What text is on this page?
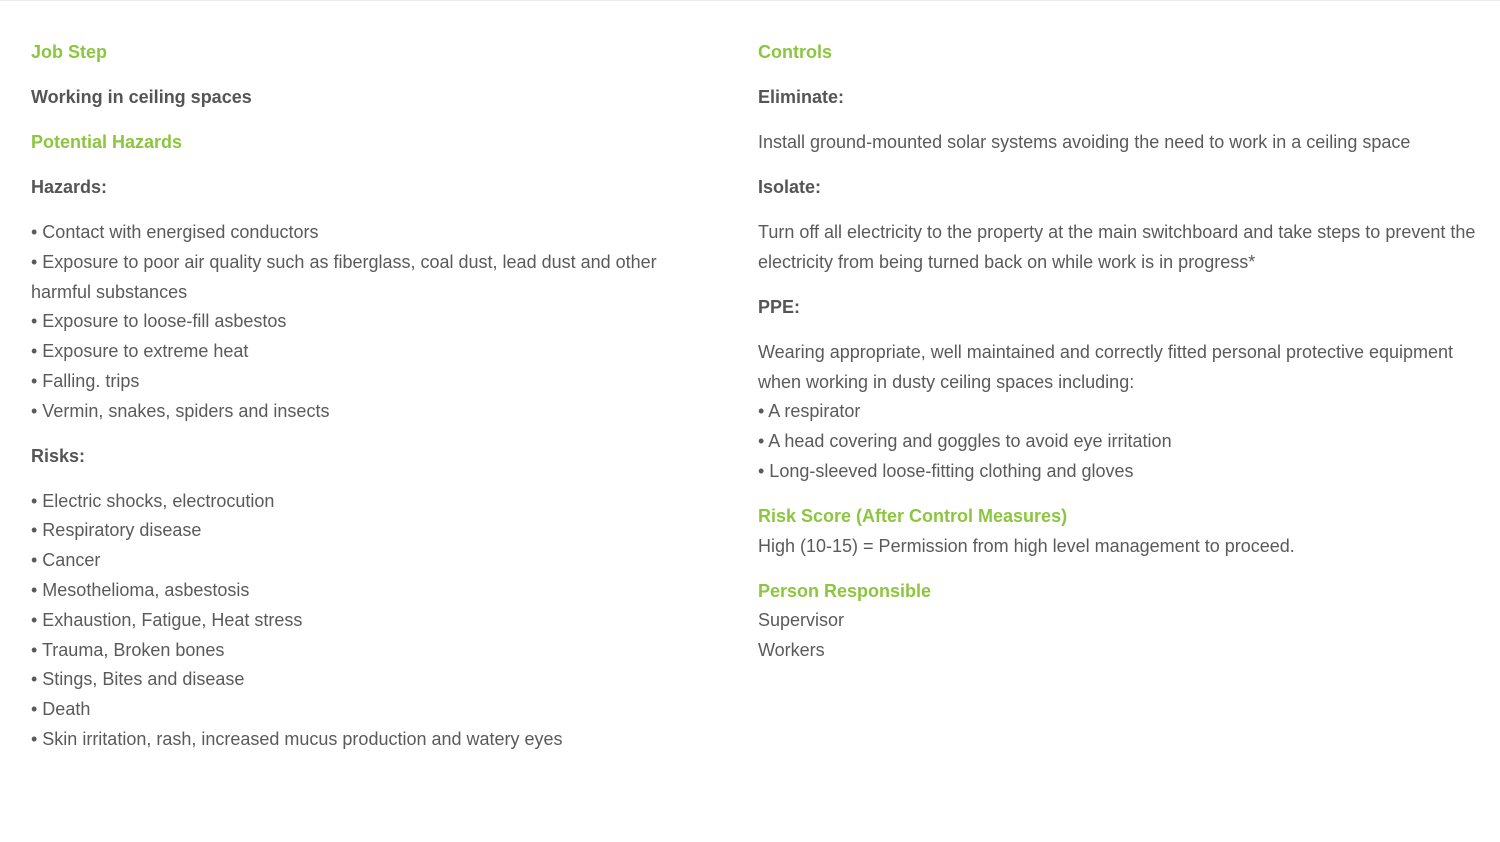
Job Step
Working in ceiling spaces
Potential Hazards
Hazards:
• Contact with energised conductors
• Exposure to poor air quality such as fiberglass, coal dust, lead dust and other harmful substances
• Exposure to loose-fill asbestos
• Exposure to extreme heat
• Falling. trips
• Vermin, snakes, spiders and insects
Risks:
• Electric shocks, electrocution
• Respiratory disease
• Cancer
• Mesothelioma, asbestosis
• Exhaustion, Fatigue, Heat stress
• Trauma, Broken bones
• Stings, Bites and disease
• Death
• Skin irritation, rash, increased mucus production and watery eyes
Controls
Eliminate:
Install ground-mounted solar systems avoiding the need to work in a ceiling space
Isolate:
Turn off all electricity to the property at the main switchboard and take steps to prevent the electricity from being turned back on while work is in progress*
PPE:
Wearing appropriate, well maintained and correctly fitted personal protective equipment when working in dusty ceiling spaces including:
• A respirator
• A head covering and goggles to avoid eye irritation
• Long-sleeved loose-fitting clothing and gloves
Risk Score (After Control Measures)
High (10-15) = Permission from high level management to proceed.
Person Responsible
Supervisor
Workers
